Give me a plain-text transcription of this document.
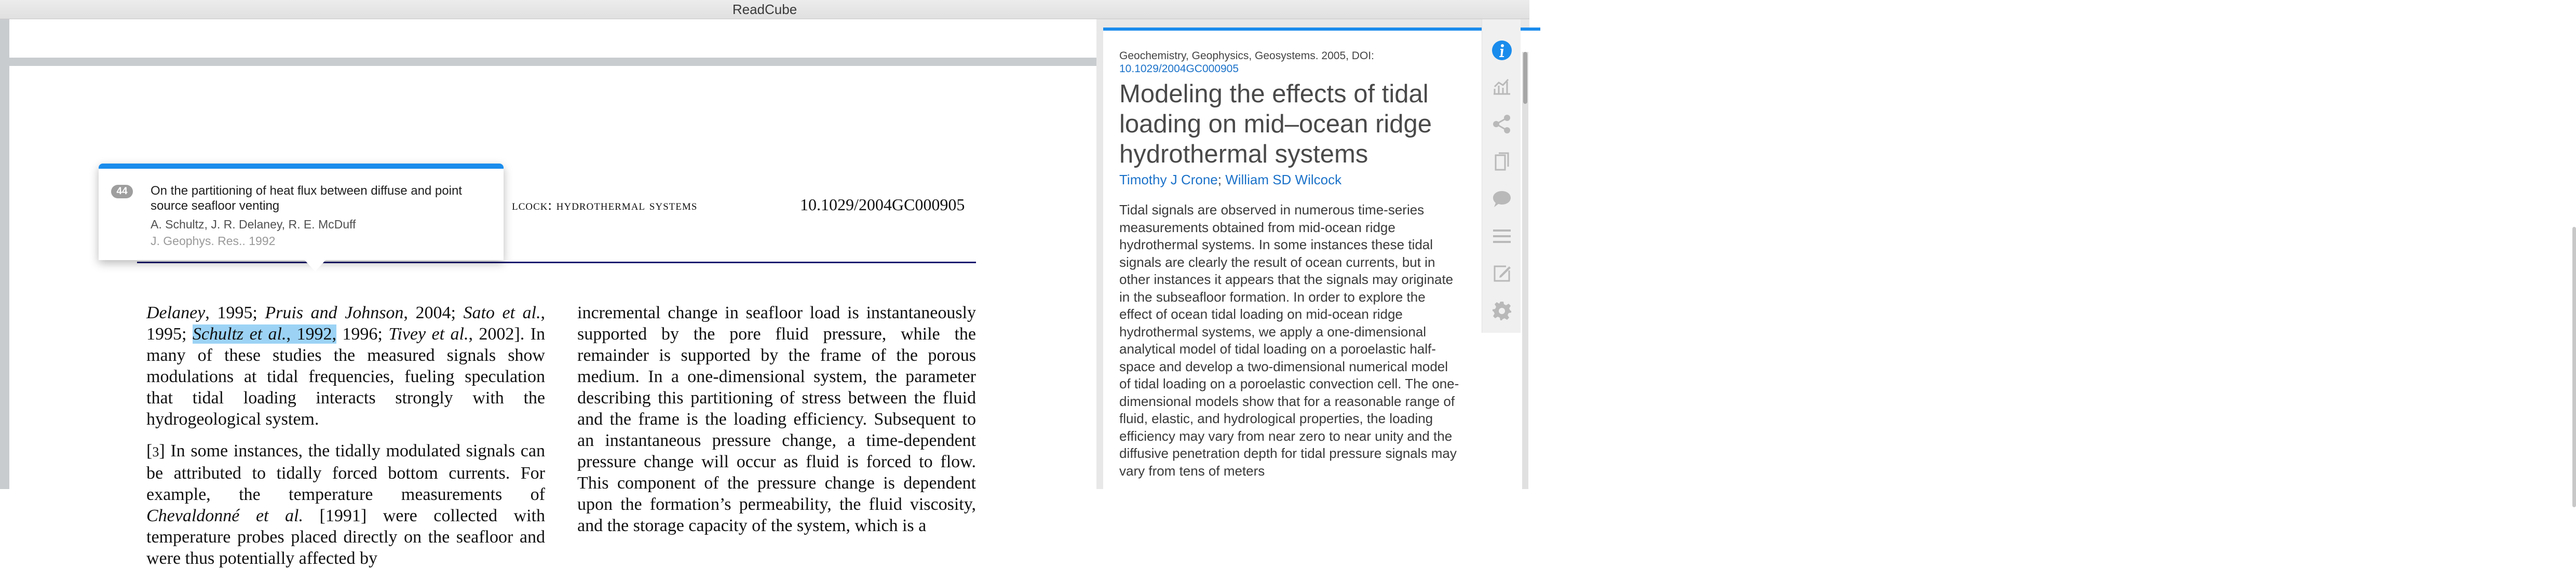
ReadCube
lcock: hydrothermal systems	10.1029/2004GC000905

Delaney, 1995; Pruis and Johnson, 2004; Sato et al., 1995; Schultz et al., 1992, 1996; Tivey et al., 2002]. In many of these studies the measured signals show modulations at tidal frequencies, fueling speculation that tidal loading interacts strongly with the hydrogeological system.

[3] In some instances, the tidally modulated signals can be attributed to tidally forced bottom currents. For example, the temperature measurements of Chevaldonné et al. [1991] were collected with temperature probes placed directly on the seafloor and were thus potentially affected by

incremental change in seafloor load is instantaneously supported by the pore fluid pressure, while the remainder is supported by the frame of the porous medium. In a one-dimensional system, the parameter describing this partitioning of stress between the fluid and the frame is the loading efficiency. Subsequent to an instantaneous pressure change, a time-dependent pressure change will occur as fluid is forced to flow. This component of the pressure change is dependent upon the formation’s permeability, the fluid viscosity, and the storage capacity of the system, which is a

44	On the partitioning of heat flux between diffuse and point source seafloor venting
A. Schultz, J. R. Delaney, R. E. McDuff
J. Geophys. Res.. 1992
Geochemistry, Geophysics, Geosystems. 2005, DOI:
10.1029/2004GC000905
Modeling the effects of tidal loading on mid–ocean ridge hydrothermal systems
Timothy J Crone; William SD Wilcock

Tidal signals are observed in numerous time-series measurements obtained from mid-ocean ridge hydrothermal systems. In some instances these tidal signals are clearly the result of ocean currents, but in other instances it appears that the signals may originate in the subseafloor formation. In order to explore the effect of ocean tidal loading on mid-ocean ridge hydrothermal systems, we apply a one-dimensional analytical model of tidal loading on a poroelastic half-space and develop a two-dimensional numerical model of tidal loading on a poroelastic convection cell. The one-dimensional models show that for a reasonable range of fluid, elastic, and hydrological properties, the loading efficiency may vary from near zero to near unity and the diffusive penetration depth for tidal pressure signals may vary from tens of meters
